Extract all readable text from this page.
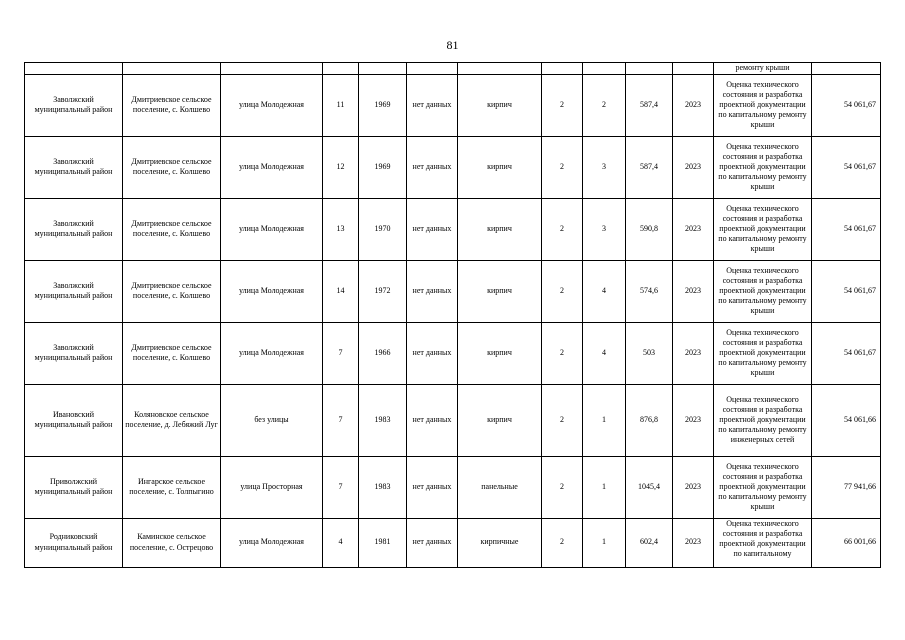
81
											ремонту крыши	
Заволжский муниципальный район	Дмитриевское сельское поселение, с. Колшево	улица Молодежная	11	1969	нет данных	кирпич	2	2	587,4	2023	Оценка технического состояния и разработка проектной документации по капитальному ремонту крыши	54 061,67
Заволжский муниципальный район	Дмитриевское сельское поселение, с. Колшево	улица Молодежная	12	1969	нет данных	кирпич	2	3	587,4	2023	Оценка технического состояния и разработка проектной документации по капитальному ремонту крыши	54 061,67
Заволжский муниципальный район	Дмитриевское сельское поселение, с. Колшево	улица Молодежная	13	1970	нет данных	кирпич	2	3	590,8	2023	Оценка технического состояния и разработка проектной документации по капитальному ремонту крыши	54 061,67
Заволжский муниципальный район	Дмитриевское сельское поселение, с. Колшево	улица Молодежная	14	1972	нет данных	кирпич	2	4	574,6	2023	Оценка технического состояния и разработка проектной документации по капитальному ремонту крыши	54 061,67
Заволжский муниципальный район	Дмитриевское сельское поселение, с. Колшево	улица Молодежная	7	1966	нет данных	кирпич	2	4	503	2023	Оценка технического состояния и разработка проектной документации по капитальному ремонту крыши	54 061,67
Ивановский муниципальный район	Коляновское сельское поселение, д. Лебяжий Луг	без улицы	7	1983	нет данных	кирпич	2	1	876,8	2023	Оценка технического состояния и разработка проектной документации по капитальному ремонту инженерных сетей	54 061,66
Приволжский муниципальный район	Ингарское сельское поселение, с. Толпыгино	улица Просторная	7	1983	нет данных	панельные	2	1	1045,4	2023	Оценка технического состояния и разработка проектной документации по капитальному ремонту крыши	77 941,66
Родниковский муниципальный район	Каминское сельское поселение, с. Острецово	улица Молодежная	4	1981	нет данных	кирпичные	2	1	602,4	2023	Оценка технического состояния и разработка проектной документации по капитальному	66 001,66
